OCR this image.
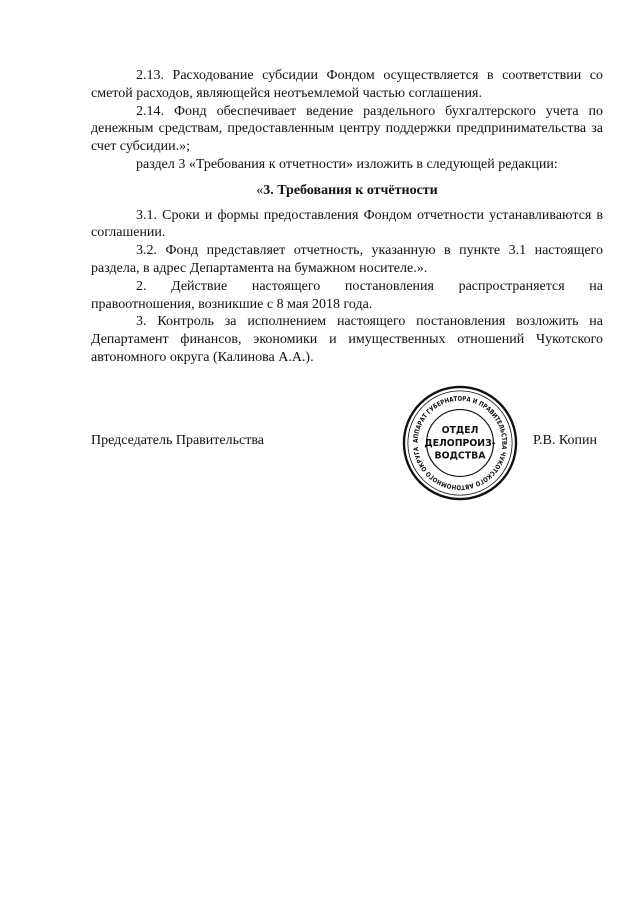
2.13. Расходование субсидии Фондом осуществляется в соответствии со сметой расходов, являющейся неотъемлемой частью соглашения.

2.14. Фонд обеспечивает ведение раздельного бухгалтерского учета по денежным средствам, предоставленным центру поддержки предпринимательства за счет субсидии.»;

раздел 3 «Требования к отчетности» изложить в следующей редакции:

«3. Требования к отчётности

3.1. Сроки и формы предоставления Фондом отчетности устанавливаются в соглашении.

3.2. Фонд представляет отчетность, указанную в пункте 3.1 настоящего раздела, в адрес Департамента на бумажном носителе.».

2. Действие настоящего постановления распространяется на правоотношения, возникшие с 8 мая 2018 года.

3. Контроль за исполнением настоящего постановления возложить на Департамент финансов, экономики и имущественных отношений Чукотского автономного округа (Калинова А.А.).

Председатель Правительства	Р.В. Копин
АППАРАТ ГУБЕРНАТОРА И ПРАВИТЕЛЬСТВА ЧУКОТСКОГО АВТОНОМНОГО ОКРУГА
ОТДЕЛ
ДЕЛОПРОИЗ-
ВОДСТВА
